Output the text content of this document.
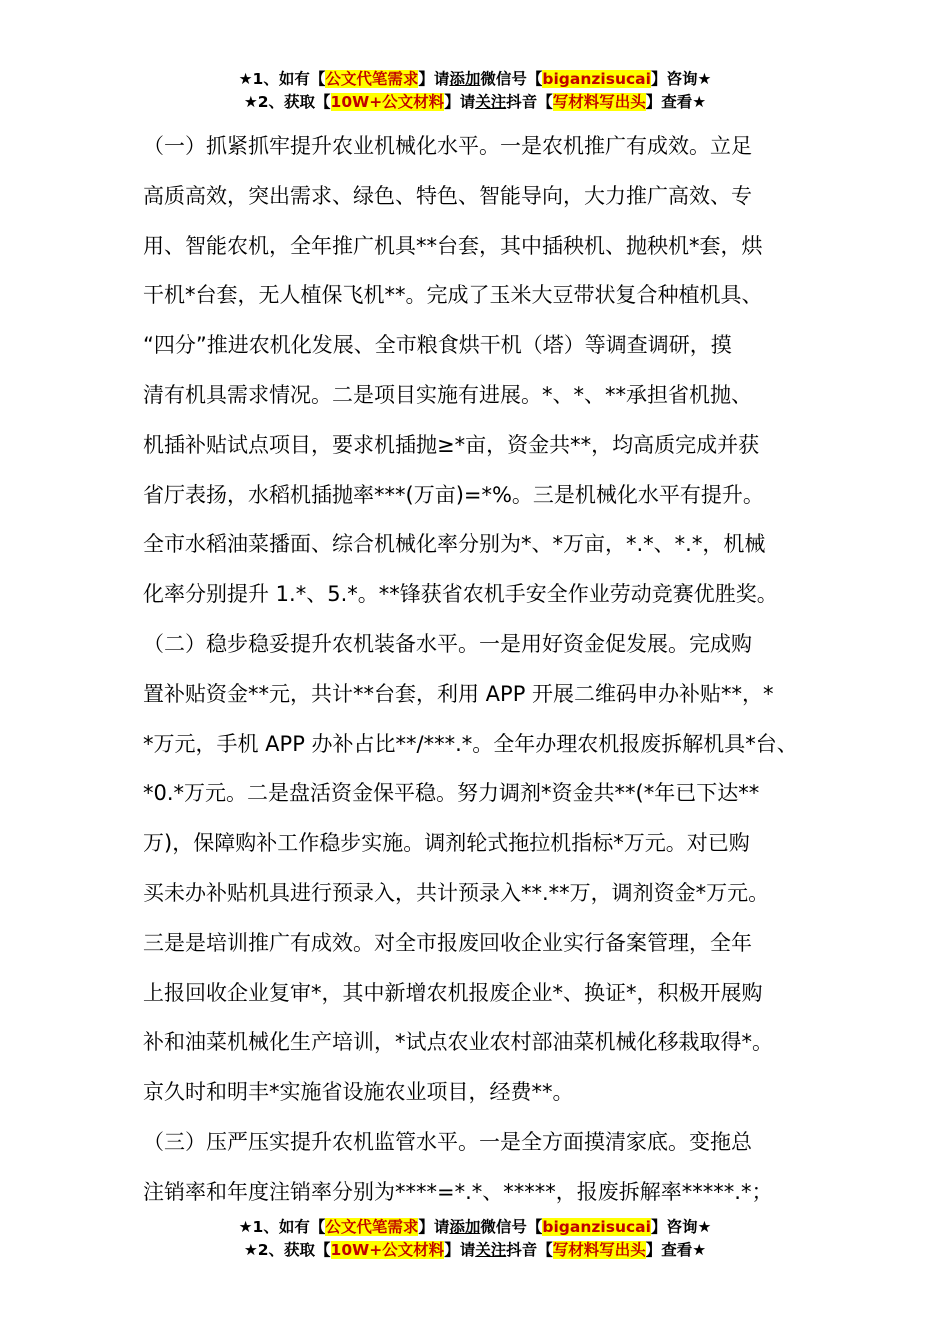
★1、如有【公文代笔需求】请添加微信号【biganzisucai】咨询★
★2、获取【10W+公文材料】请关注抖音【写材料写出头】查看★
（一）抓紧抓牢提升农业机械化水平。一是农机推广有成效。立足
高质高效，突出需求、绿色、特色、智能导向，大力推广高效、专
用、智能农机，全年推广机具**台套，其中插秧机、抛秧机*套，烘
干机*台套，无人植保飞机**。完成了玉米大豆带状复合种植机具、
“四分”推进农机化发展、全市粮食烘干机（塔）等调查调研，摸
清有机具需求情况。二是项目实施有进展。*、*、**承担省机抛、
机插补贴试点项目，要求机插抛≥*亩，资金共**，均高质完成并获
省厅表扬，水稻机插抛率***(万亩)=*%。三是机械化水平有提升。
全市水稻油菜播面、综合机械化率分别为*、*万亩，*.*、*.*，机械
化率分别提升 1.*、5.*。**锋获省农机手安全作业劳动竞赛优胜奖。
（二）稳步稳妥提升农机装备水平。一是用好资金促发展。完成购
置补贴资金**元，共计**台套，利用 APP 开展二维码申办补贴**，*
*万元，手机 APP 办补占比**/***.*。全年办理农机报废拆解机具*台、
*0.*万元。二是盘活资金保平稳。努力调剂*资金共**(*年已下达**
万)，保障购补工作稳步实施。调剂轮式拖拉机指标*万元。对已购
买未办补贴机具进行预录入，共计预录入**.**万，调剂资金*万元。
三是是培训推广有成效。对全市报废回收企业实行备案管理，全年
上报回收企业复审*，其中新增农机报废企业*、换证*，积极开展购
补和油菜机械化生产培训，*试点农业农村部油菜机械化移栽取得*。
京久时和明丰*实施省设施农业项目，经费**。
（三）压严压实提升农机监管水平。一是全方面摸清家底。变拖总
注销率和年度注销率分别为****=*.*、*****，报废拆解率*****.*；
★1、如有【公文代笔需求】请添加微信号【biganzisucai】咨询★
★2、获取【10W+公文材料】请关注抖音【写材料写出头】查看★
